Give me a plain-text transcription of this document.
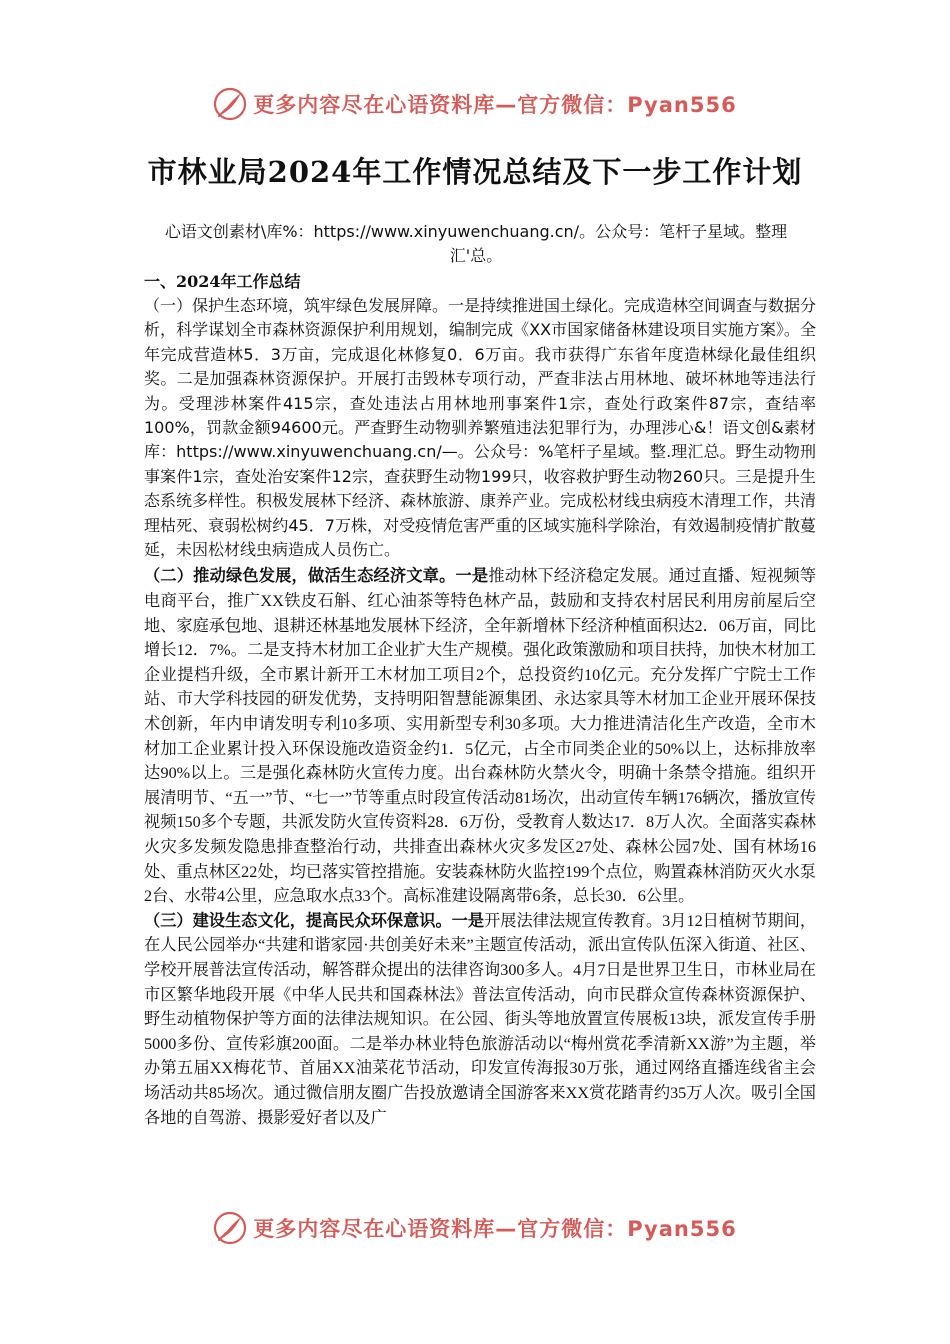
更多内容尽在心语资料库—官方微信：Pyan556
市林业局2024年工作情况总结及下一步工作计划
心语文创素材\库%：https://www.xinyuwenchuang.cn/。公众号：笔杆子星域。整理汇'总。
一、2024年工作总结

（一）保护生态环境，筑牢绿色发展屏障。一是持续推进国土绿化。完成造林空间调查与数据分析，科学谋划全市森林资源保护利用规划，编制完成《XX市国家储备林建设项目实施方案》。全年完成营造林5．3万亩，完成退化林修复0．6万亩。我市获得广东省年度造林绿化最佳组织奖。二是加强森林资源保护。开展打击毁林专项行动，严查非法占用林地、破坏林地等违法行为。受理涉林案件415宗，查处违法占用林地刑事案件1宗，查处行政案件87宗，查结率100%，罚款金额94600元。严查野生动物驯养繁殖违法犯罪行为，办理涉心&！语文创&素材库：https://www.xinyuwenchuang.cn/—。公众号：%笔杆子星域。整.理汇总。野生动物刑事案件1宗，查处治安案件12宗，查获野生动物199只，收容救护野生动物260只。三是提升生态系统多样性。积极发展林下经济、森林旅游、康养产业。完成松材线虫病疫木清理工作，共清理枯死、衰弱松树约45．7万株，对受疫情危害严重的区域实施科学除治，有效遏制疫情扩散蔓延，未因松材线虫病造成人员伤亡。

（二）推动绿色发展，做活生态经济文章。一是推动林下经济稳定发展。通过直播、短视频等电商平台，推广XX铁皮石斛、红心油茶等特色林产品，鼓励和支持农村居民利用房前屋后空地、家庭承包地、退耕还林基地发展林下经济，全年新增林下经济种植面积达2．06万亩，同比增长12．7%。二是支持木材加工企业扩大生产规模。强化政策激励和项目扶持，加快木材加工企业提档升级，全市累计新开工木材加工项目2个，总投资约10亿元。充分发挥广宁院士工作站、市大学科技园的研发优势，支持明阳智慧能源集团、永达家具等木材加工企业开展环保技术创新，年内申请发明专利10多项、实用新型专利30多项。大力推进清洁化生产改造，全市木材加工企业累计投入环保设施改造资金约1．5亿元，占全市同类企业的50%以上，达标排放率达90%以上。三是强化森林防火宣传力度。出台森林防火禁火令，明确十条禁令措施。组织开展清明节、“五一”节、“七一”节等重点时段宣传活动81场次，出动宣传车辆176辆次，播放宣传视频150多个专题，共派发防火宣传资料28．6万份，受教育人数达17．8万人次。全面落实森林火灾多发频发隐患排查整治行动，共排查出森林火灾多发区27处、森林公园7处、国有林场16处、重点林区22处，均已落实管控措施。安装森林防火监控199个点位，购置森林消防灭火水泵2台、水带4公里，应急取水点33个。高标准建设隔离带6条，总长30．6公里。

（三）建设生态文化，提高民众环保意识。一是开展法律法规宣传教育。3月12日植树节期间，在人民公园举办“共建和谐家园·共创美好未来”主题宣传活动，派出宣传队伍深入街道、社区、学校开展普法宣传活动，解答群众提出的法律咨询300多人。4月7日是世界卫生日，市林业局在市区繁华地段开展《中华人民共和国森林法》普法宣传活动，向市民群众宣传森林资源保护、野生动植物保护等方面的法律法规知识。在公园、街头等地放置宣传展板13块，派发宣传手册5000多份、宣传彩旗200面。二是举办林业特色旅游活动以“梅州赏花季清新XX游”为主题，举办第五届XX梅花节、首届XX油菜花节活动，印发宣传海报30万张，通过网络直播连线省主会场活动共85场次。通过微信朋友圈广告投放邀请全国游客来XX赏花踏青约35万人次。吸引全国各地的自驾游、摄影爱好者以及广

更多内容尽在心语资料库—官方微信：Pyan556
